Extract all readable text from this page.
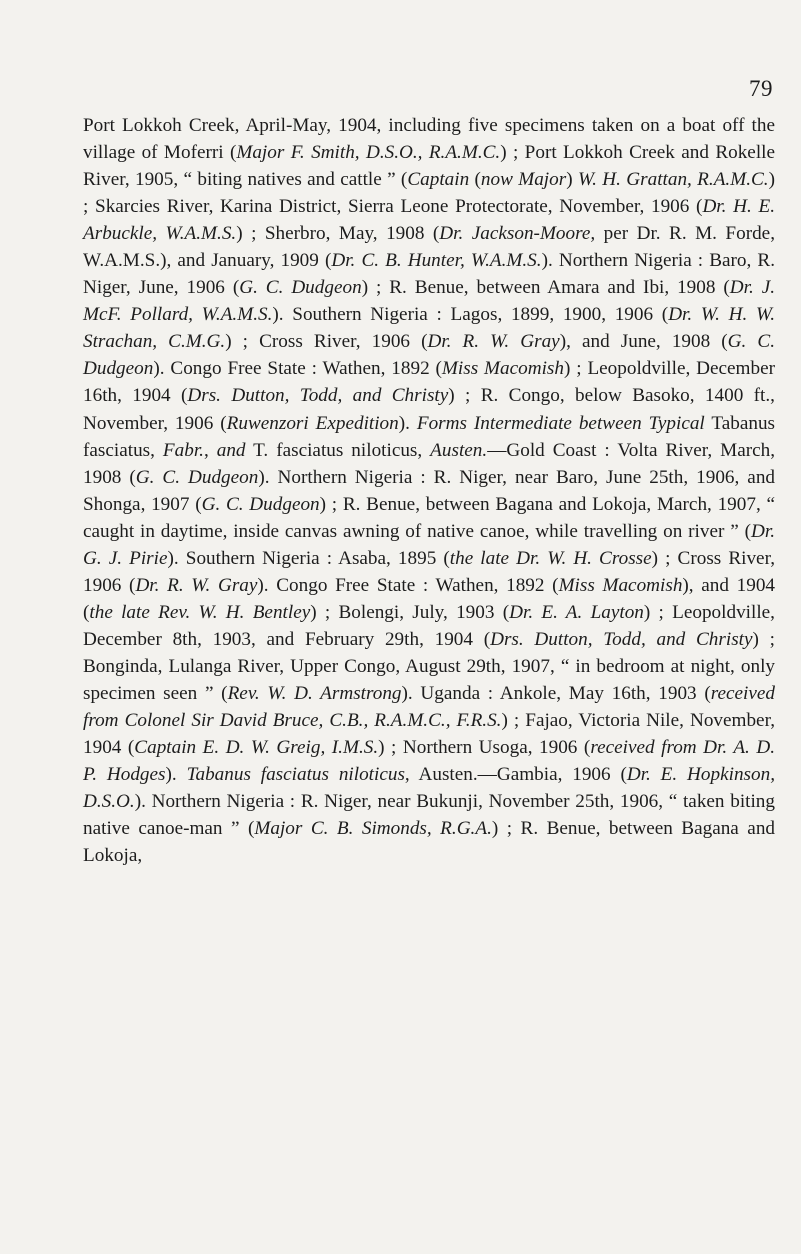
79

Port Lokkoh Creek, April-May, 1904, including five specimens taken on a boat off the village of Moferri (Major F. Smith, D.S.O., R.A.M.C.) ; Port Lokkoh Creek and Rokelle River, 1905, “ biting natives and cattle ” (Captain (now Major) W. H. Grattan, R.A.M.C.) ; Skarcies River, Karina District, Sierra Leone Protectorate, November, 1906 (Dr. H. E. Arbuckle, W.A.M.S.) ; Sherbro, May, 1908 (Dr. Jackson-Moore, per Dr. R. M. Forde, W.A.M.S.), and January, 1909 (Dr. C. B. Hunter, W.A.M.S.). Northern Nigeria : Baro, R. Niger, June, 1906 (G. C. Dudgeon) ; R. Benue, between Amara and Ibi, 1908 (Dr. J. McF. Pollard, W.A.M.S.). Southern Nigeria : Lagos, 1899, 1900, 1906 (Dr. W. H. W. Strachan, C.M.G.) ; Cross River, 1906 (Dr. R. W. Gray), and June, 1908 (G. C. Dudgeon). Congo Free State : Wathen, 1892 (Miss Macomish) ; Leopoldville, December 16th, 1904 (Drs. Dutton, Todd, and Christy) ; R. Congo, below Basoko, 1400 ft., November, 1906 (Ruwenzori Expedition). Forms Intermediate between Typical Tabanus fasciatus, Fabr., and T. fasciatus niloticus, Austen.—Gold Coast : Volta River, March, 1908 (G. C. Dudgeon). Northern Nigeria : R. Niger, near Baro, June 25th, 1906, and Shonga, 1907 (G. C. Dudgeon) ; R. Benue, between Bagana and Lokoja, March, 1907, “ caught in daytime, inside canvas awning of native canoe, while travelling on river ” (Dr. G. J. Pirie). Southern Nigeria : Asaba, 1895 (the late Dr. W. H. Crosse) ; Cross River, 1906 (Dr. R. W. Gray). Congo Free State : Wathen, 1892 (Miss Macomish), and 1904 (the late Rev. W. H. Bentley) ; Bolengi, July, 1903 (Dr. E. A. Layton) ; Leopoldville, December 8th, 1903, and February 29th, 1904 (Drs. Dutton, Todd, and Christy) ; Bonginda, Lulanga River, Upper Congo, August 29th, 1907, “ in bedroom at night, only specimen seen ” (Rev. W. D. Armstrong). Uganda : Ankole, May 16th, 1903 (received from Colonel Sir David Bruce, C.B., R.A.M.C., F.R.S.) ; Fajao, Victoria Nile, November, 1904 (Captain E. D. W. Greig, I.M.S.) ; Northern Usoga, 1906 (received from Dr. A. D. P. Hodges). Tabanus fasciatus niloticus, Austen.—Gambia, 1906 (Dr. E. Hopkinson, D.S.O.). Northern Nigeria : R. Niger, near Bukunji, November 25th, 1906, “ taken biting native canoe-man ” (Major C. B. Simonds, R.G.A.) ; R. Benue, between Bagana and Lokoja,
